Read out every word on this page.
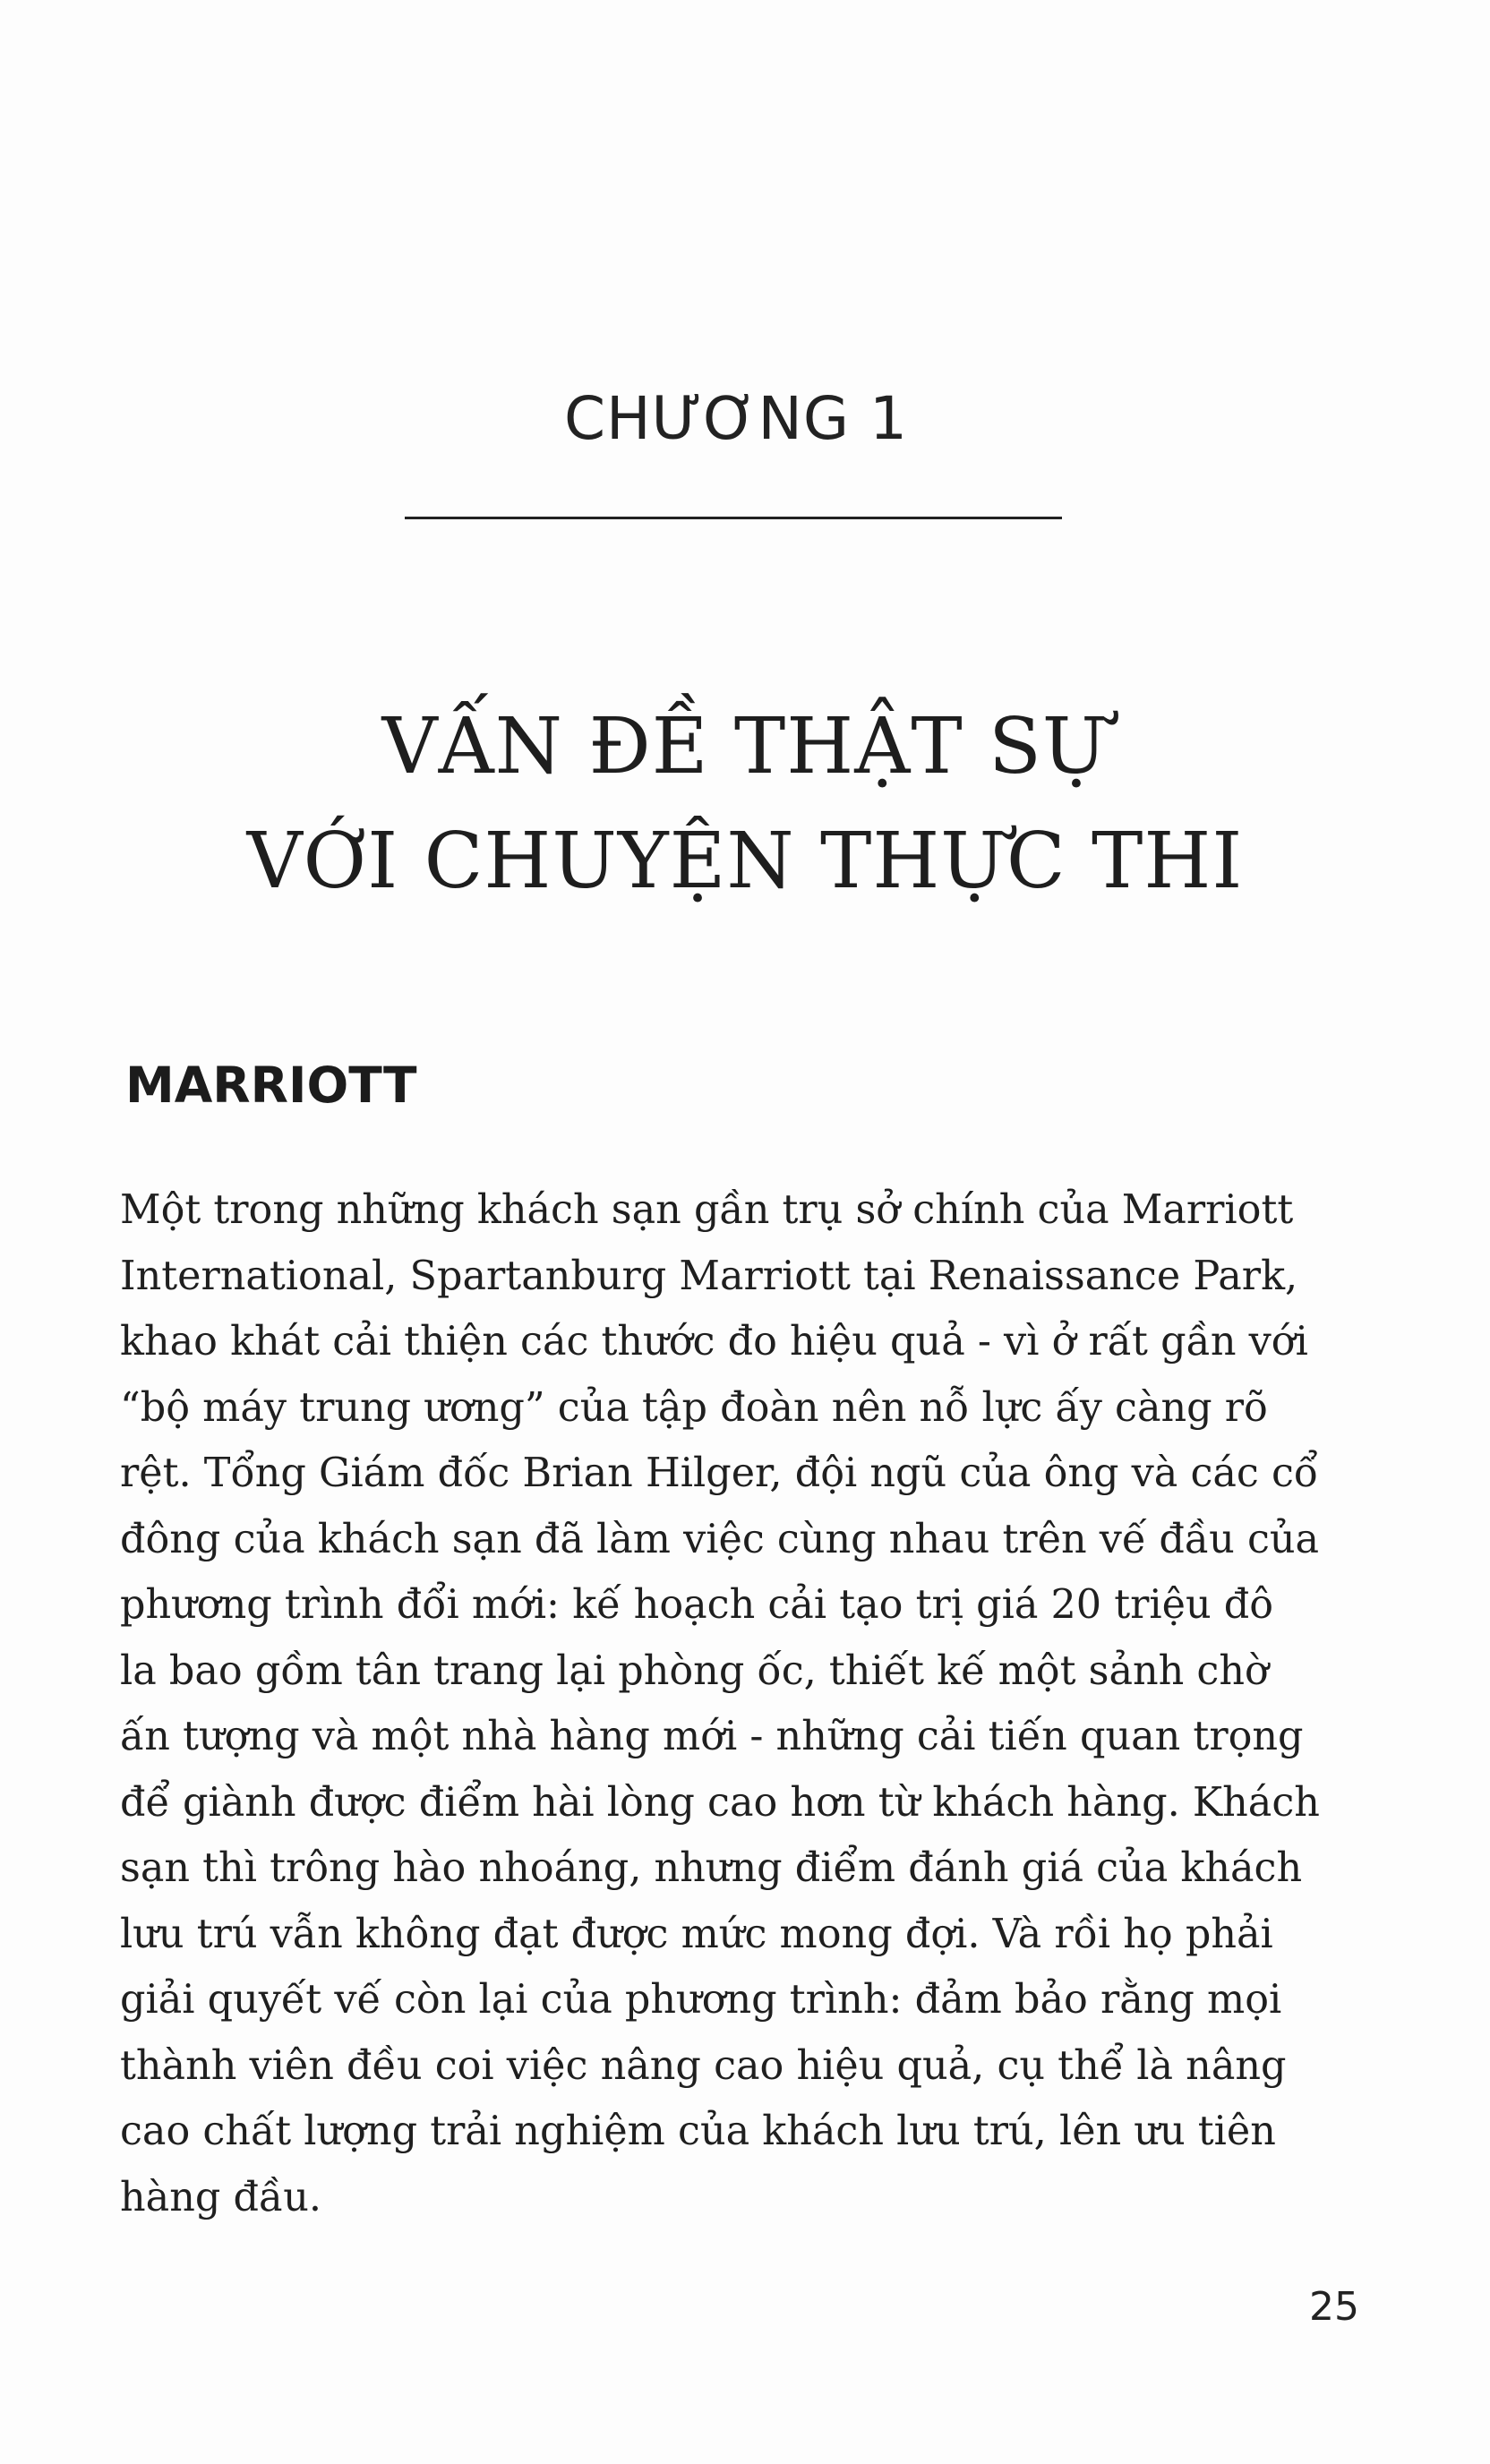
CHƯƠNG 1

VẤN ĐỀ THẬT SỰ
VỚI CHUYỆN THỰC THI
MARRIOTT

Một trong những khách sạn gần trụ sở chính của Marriott
International, Spartanburg Marriott tại Renaissance Park,
khao khát cải thiện các thước đo hiệu quả - vì ở rất gần với
“bộ máy trung ương” của tập đoàn nên nỗ lực ấy càng rõ
rệt. Tổng Giám đốc Brian Hilger, đội ngũ của ông và các cổ
đông của khách sạn đã làm việc cùng nhau trên vế đầu của
phương trình đổi mới: kế hoạch cải tạo trị giá 20 triệu đô
la bao gồm tân trang lại phòng ốc, thiết kế một sảnh chờ
ấn tượng và một nhà hàng mới - những cải tiến quan trọng
để giành được điểm hài lòng cao hơn từ khách hàng. Khách
sạn thì trông hào nhoáng, nhưng điểm đánh giá của khách
lưu trú vẫn không đạt được mức mong đợi. Và rồi họ phải
giải quyết vế còn lại của phương trình: đảm bảo rằng mọi
thành viên đều coi việc nâng cao hiệu quả, cụ thể là nâng
cao chất lượng trải nghiệm của khách lưu trú, lên ưu tiên
hàng đầu.

25
